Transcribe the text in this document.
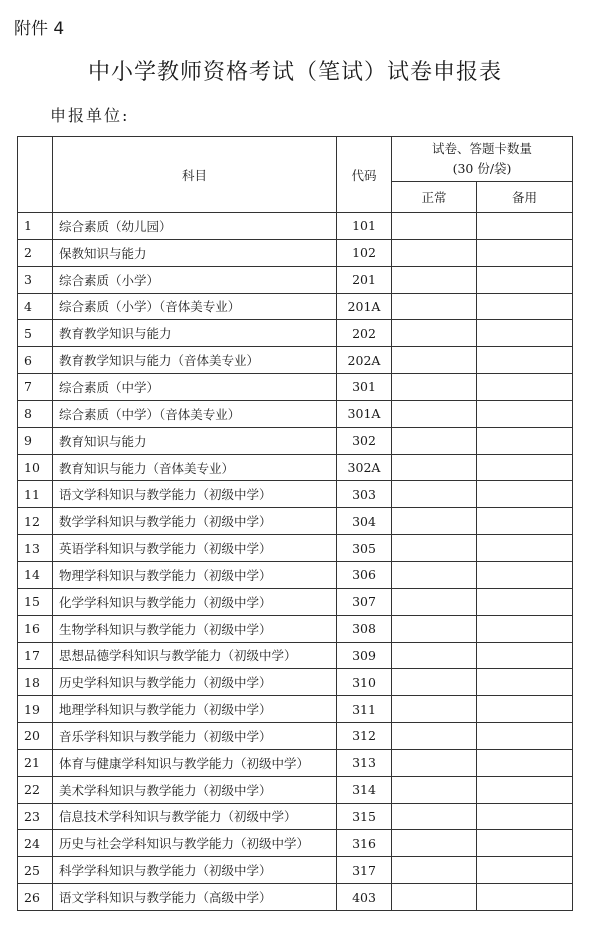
附件 4
中小学教师资格考试（笔试）试卷申报表
申报单位:
	科目	代码	试卷、答题卡数量
(30 份/袋)	

			正常	备用
1	综合素质（幼儿园）	101		
2	保教知识与能力	102		
3	综合素质（小学）	201		
4	综合素质（小学）（音体美专业）	201A		
5	教育教学知识与能力	202		
6	教育教学知识与能力（音体美专业）	202A		
7	综合素质（中学）	301		
8	综合素质（中学）（音体美专业）	301A		
9	教育知识与能力	302		
10	教育知识与能力（音体美专业）	302A		
11	语文学科知识与教学能力（初级中学）	303		
12	数学学科知识与教学能力（初级中学）	304		
13	英语学科知识与教学能力（初级中学）	305		
14	物理学科知识与教学能力（初级中学）	306		
15	化学学科知识与教学能力（初级中学）	307		
16	生物学科知识与教学能力（初级中学）	308		
17	思想品德学科知识与教学能力（初级中学）	309		
18	历史学科知识与教学能力（初级中学）	310		
19	地理学科知识与教学能力（初级中学）	311		
20	音乐学科知识与教学能力（初级中学）	312		
21	体育与健康学科知识与教学能力（初级中学）	313		
22	美术学科知识与教学能力（初级中学）	314		
23	信息技术学科知识与教学能力（初级中学）	315		
24	历史与社会学科知识与教学能力（初级中学）	316		
25	科学学科知识与教学能力（初级中学）	317		
26	语文学科知识与教学能力（高级中学）	403		
